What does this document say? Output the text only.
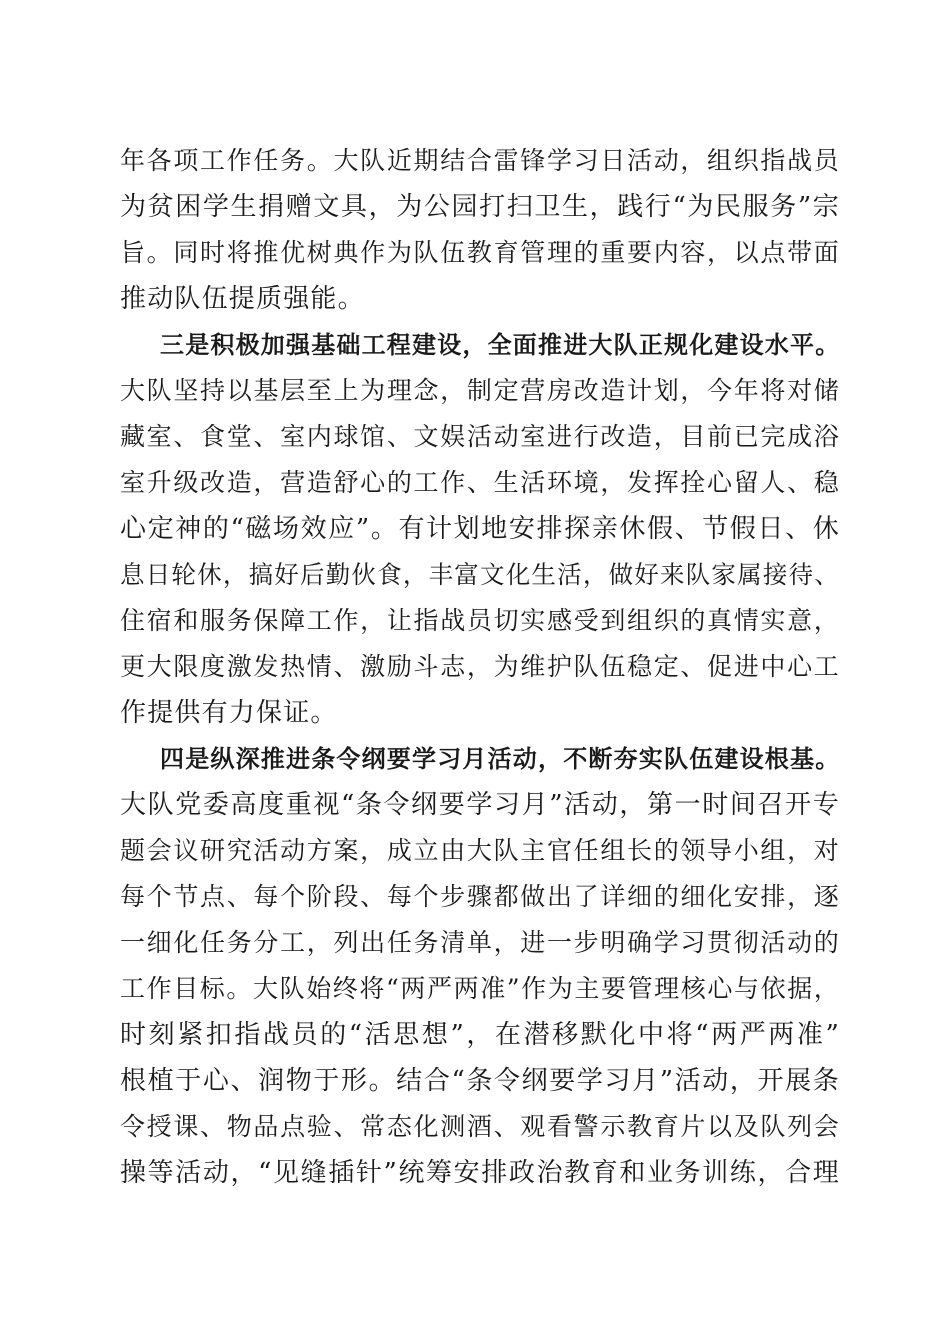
年各项工作任务。大队近期结合雷锋学习日活动，组织指战员
为贫困学生捐赠文具，为公园打扫卫生，践行“为民服务”宗
旨。同时将推优树典作为队伍教育管理的重要内容，以点带面
推动队伍提质强能。
三是积极加强基础工程建设，全面推进大队正规化建设水平。
大队坚持以基层至上为理念，制定营房改造计划，今年将对储
藏室、食堂、室内球馆、文娱活动室进行改造，目前已完成浴
室升级改造，营造舒心的工作、生活环境，发挥拴心留人、稳
心定神的“磁场效应”。有计划地安排探亲休假、节假日、休
息日轮休，搞好后勤伙食，丰富文化生活，做好来队家属接待、
住宿和服务保障工作，让指战员切实感受到组织的真情实意，
更大限度激发热情、激励斗志，为维护队伍稳定、促进中心工
作提供有力保证。
四是纵深推进条令纲要学习月活动，不断夯实队伍建设根基。
大队党委高度重视“条令纲要学习月”活动，第一时间召开专
题会议研究活动方案，成立由大队主官任组长的领导小组，对
每个节点、每个阶段、每个步骤都做出了详细的细化安排，逐
一细化任务分工，列出任务清单，进一步明确学习贯彻活动的
工作目标。大队始终将“两严两准”作为主要管理核心与依据，
时刻紧扣指战员的“活思想”，在潜移默化中将“两严两准”
根植于心、润物于形。结合“条令纲要学习月”活动，开展条
令授课、物品点验、常态化测酒、观看警示教育片以及队列会
操等活动，“见缝插针”统筹安排政治教育和业务训练，合理
